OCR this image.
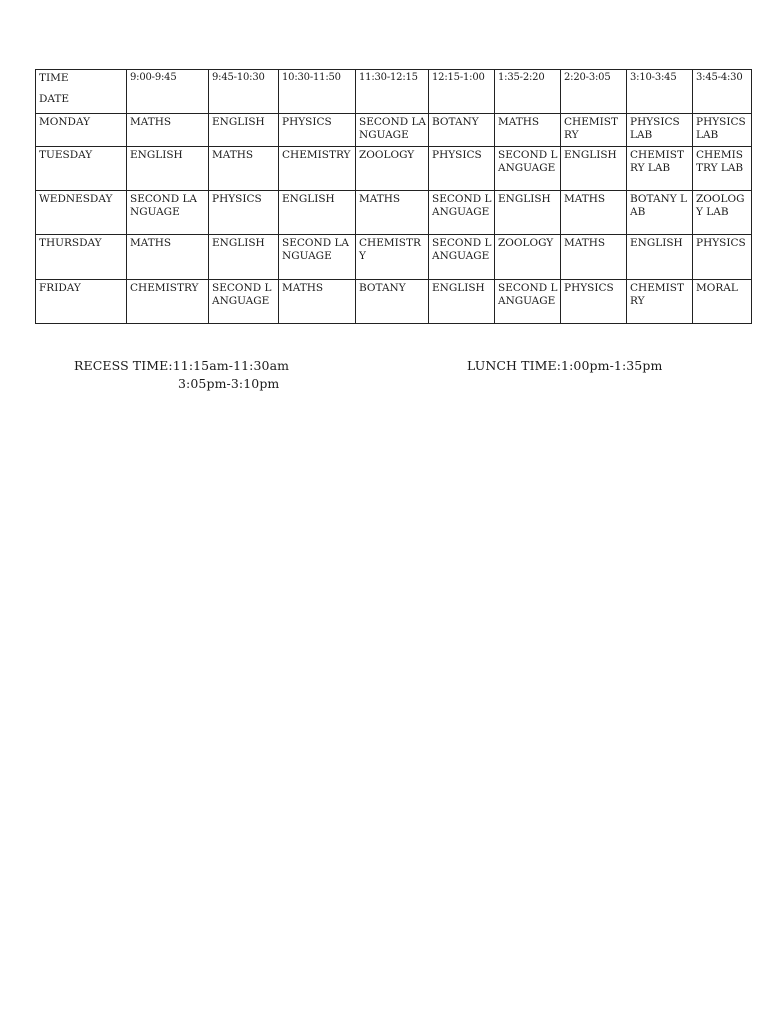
TIME
DATE	9:00-9:45	9:45-10:30	10:30-11:50	11:30-12:15	12:15-1:00	1:35-2:20	2:20-3:05	3:10-3:45	3:45-4:30

MONDAY	MATHS	ENGLISH	PHYSICS	SECOND LANGUAGE	BOTANY	MATHS	CHEMISTRY	PHYSICS LAB	PHYSICS LAB

TUESDAY	ENGLISH	MATHS	CHEMISTRY	ZOOLOGY	PHYSICS	SECOND LANGUAGE	ENGLISH	CHEMISTRY LAB	CHEMISTRY LAB

WEDNESDAY	SECOND LANGUAGE	PHYSICS	ENGLISH	MATHS	SECOND LANGUAGE	ENGLISH	MATHS	BOTANY LAB	ZOOLOGY LAB

THURSDAY	MATHS	ENGLISH	SECOND LANGUAGE	CHEMISTRY	SECOND LANGUAGE	ZOOLOGY	MATHS	ENGLISH	PHYSICS

FRIDAY	CHEMISTRY	SECOND LANGUAGE	MATHS	BOTANY	ENGLISH	SECOND LANGUAGE	PHYSICS	CHEMISTRY	MORAL
RECESS TIME:11:15am-11:30am
3:05pm-3:10pm
LUNCH TIME:1:00pm-1:35pm
